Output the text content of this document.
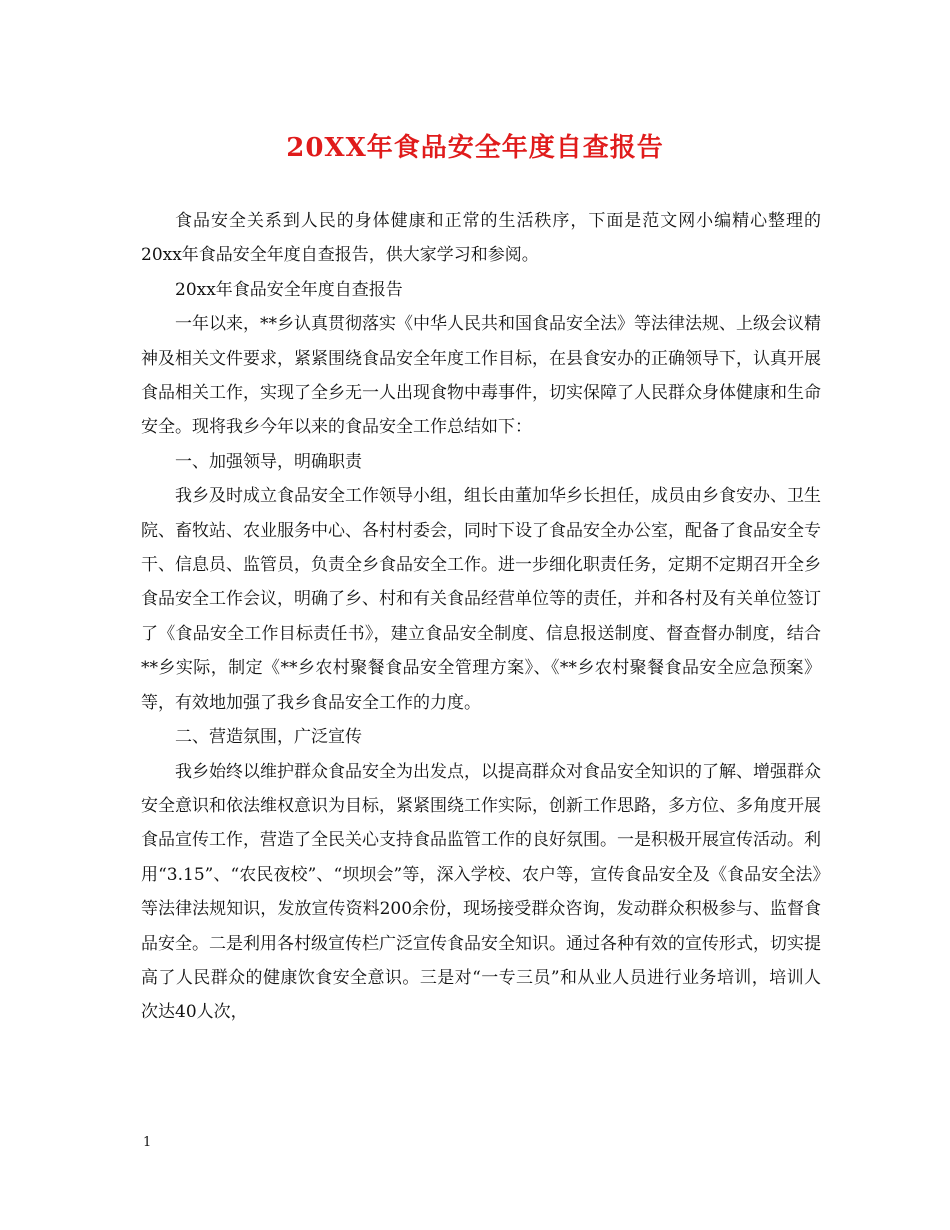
20XX年食品安全年度自查报告

食品安全关系到人民的身体健康和正常的生活秩序，下面是范文网小编精心整理的20xx年食品安全年度自查报告，供大家学习和参阅。

20xx年食品安全年度自查报告

一年以来，**乡认真贯彻落实《中华人民共和国食品安全法》等法律法规、上级会议精神及相关文件要求，紧紧围绕食品安全年度工作目标，在县食安办的正确领导下，认真开展食品相关工作，实现了全乡无一人出现食物中毒事件，切实保障了人民群众身体健康和生命安全。现将我乡今年以来的食品安全工作总结如下：

一、加强领导，明确职责

我乡及时成立食品安全工作领导小组，组长由董加华乡长担任，成员由乡食安办、卫生院、畜牧站、农业服务中心、各村村委会，同时下设了食品安全办公室，配备了食品安全专干、信息员、监管员，负责全乡食品安全工作。进一步细化职责任务，定期不定期召开全乡食品安全工作会议，明确了乡、村和有关食品经营单位等的责任，并和各村及有关单位签订了《食品安全工作目标责任书》，建立食品安全制度、信息报送制度、督查督办制度，结合**乡实际，制定《**乡农村聚餐食品安全管理方案》、《**乡农村聚餐食品安全应急预案》等，有效地加强了我乡食品安全工作的力度。

二、营造氛围，广泛宣传

我乡始终以维护群众食品安全为出发点，以提高群众对食品安全知识的了解、增强群众安全意识和依法维权意识为目标，紧紧围绕工作实际，创新工作思路，多方位、多角度开展食品宣传工作，营造了全民关心支持食品监管工作的良好氛围。一是积极开展宣传活动。利用“3.15”、“农民夜校”、“坝坝会”等，深入学校、农户等，宣传食品安全及《食品安全法》等法律法规知识，发放宣传资料200余份，现场接受群众咨询，发动群众积极参与、监督食品安全。二是利用各村级宣传栏广泛宣传食品安全知识。通过各种有效的宣传形式，切实提高了人民群众的健康饮食安全意识。三是对“一专三员”和从业人员进行业务培训，培训人次达40人次，

1
